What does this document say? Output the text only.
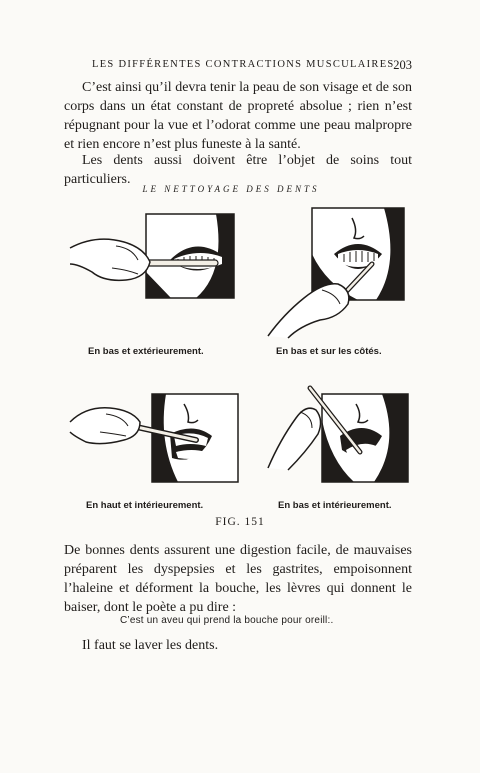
LES DIFFÉRENTES CONTRACTIONS MUSCULAIRES
203
C’est ainsi qu’il devra tenir la peau de son visage et de son corps dans un état constant de propreté absolue ; rien n’est répugnant pour la vue et l’odorat comme une peau malpropre et rien encore n’est plus funeste à la santé.
Les dents aussi doivent être l’objet de soins tout particuliers.
LE NETTOYAGE DES DENTS
En bas et extérieurement.	En bas et sur les côtés.
En haut et intérieurement.	En bas et intérieurement.
FIG. 151
De bonnes dents assurent une digestion facile, de mauvaises préparent les dyspepsies et les gastrites, empoisonnent l’haleine et déforment la bouche, les lèvres qui donnent le baiser, dont le poète a pu dire :
C’est un aveu qui prend la bouche pour oreill:.
Il faut se laver les dents.
